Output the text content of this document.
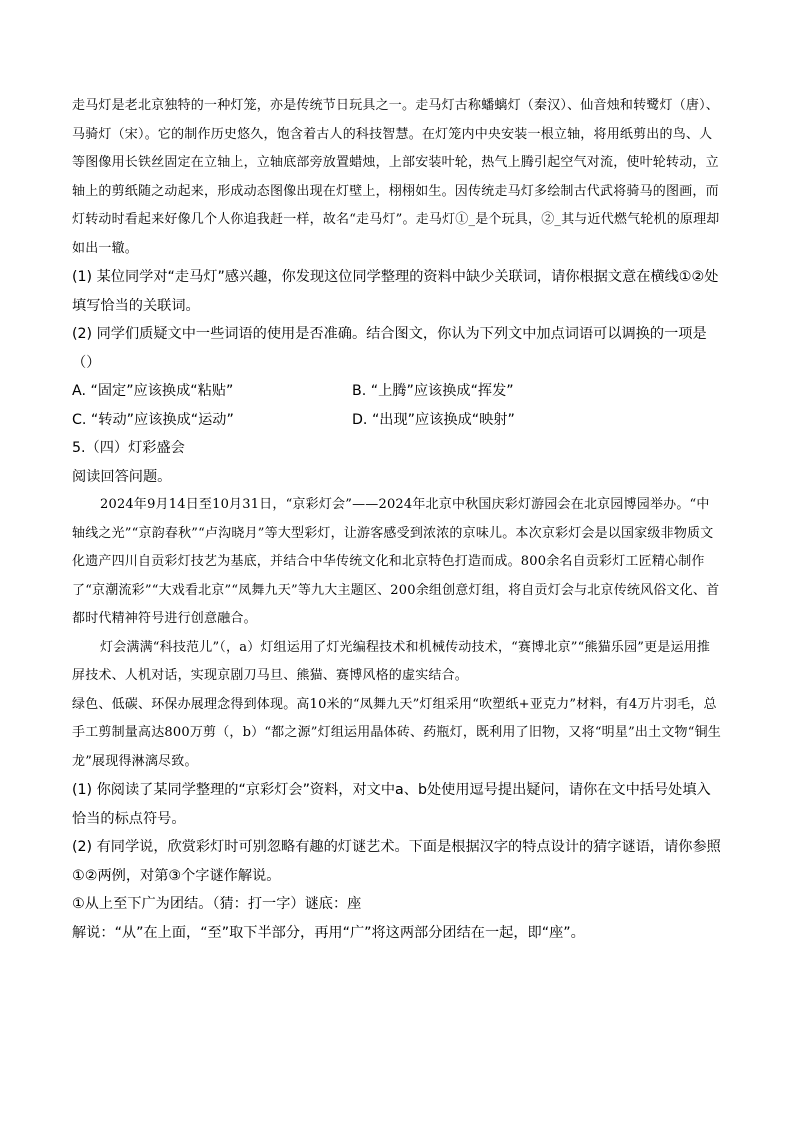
走马灯是老北京独特的一种灯笼，亦是传统节日玩具之一。走马灯古称蟠螭灯（秦汉）、仙音烛和转鹭灯（唐）、马骑灯（宋）。它的制作历史悠久，饱含着古人的科技智慧。在灯笼内中央安装一根立轴，将用纸剪出的鸟、人等图像用长铁丝固定在立轴上，立轴底部旁放置蜡烛，上部安装叶轮，热气上腾引起空气对流，使叶轮转动，立轴上的剪纸随之动起来，形成动态图像出现在灯壁上，栩栩如生。因传统走马灯多绘制古代武将骑马的图画，而灯转动时看起来好像几个人你追我赶一样，故名“走马灯”。走马灯①_是个玩具，②_其与近代燃气轮机的原理却如出一辙。

(1) 某位同学对“走马灯”感兴趣，你发现这位同学整理的资料中缺少关联词，请你根据文意在横线①②处填写恰当的关联词。

(2) 同学们质疑文中一些词语的使用是否准确。结合图文，你认为下列文中加点词语可以调换的一项是（）

A. “固定”应该换成“粘贴”	B. “上腾”应该换成“挥发”
C. “转动”应该换成“运动”	D. “出现”应该换成“映射”

5.（四）灯彩盛会

阅读回答问题。

2024年9月14日至10月31日，“京彩灯会”——2024年北京中秋国庆彩灯游园会在北京园博园举办。“中轴线之光”“京韵春秋”“卢沟晓月”等大型彩灯，让游客感受到浓浓的京味儿。本次京彩灯会是以国家级非物质文化遗产四川自贡彩灯技艺为基底，并结合中华传统文化和北京特色打造而成。800余名自贡彩灯工匠精心制作了“京潮流彩”“大戏看北京”“凤舞九天”等九大主题区、200余组创意灯组，将自贡灯会与北京传统风俗文化、首都时代精神符号进行创意融合。

灯会满满“科技范儿”（，a）灯组运用了灯光编程技术和机械传动技术，“赛博北京”“熊猫乐园”更是运用推屏技术、人机对话，实现京剧刀马旦、熊猫、赛博风格的虚实结合。

绿色、低碳、环保办展理念得到体现。高10米的“凤舞九天”灯组采用“吹塑纸+亚克力”材料，有4万片羽毛，总手工剪制量高达800万剪（，b）“都之源”灯组运用晶体砖、药瓶灯，既利用了旧物，又将“明星”出土文物“铜生龙”展现得淋漓尽致。

(1) 你阅读了某同学整理的“京彩灯会”资料，对文中a、b处使用逗号提出疑问，请你在文中括号处填入恰当的标点符号。

(2) 有同学说，欣赏彩灯时可别忽略有趣的灯谜艺术。下面是根据汉字的特点设计的猜字谜语，请你参照①②两例，对第③个字谜作解说。

①从上至下广为团结。（猜：打一字）谜底：座

解说：“从”在上面，“至”取下半部分，再用“广”将这两部分团结在一起，即“座”。
